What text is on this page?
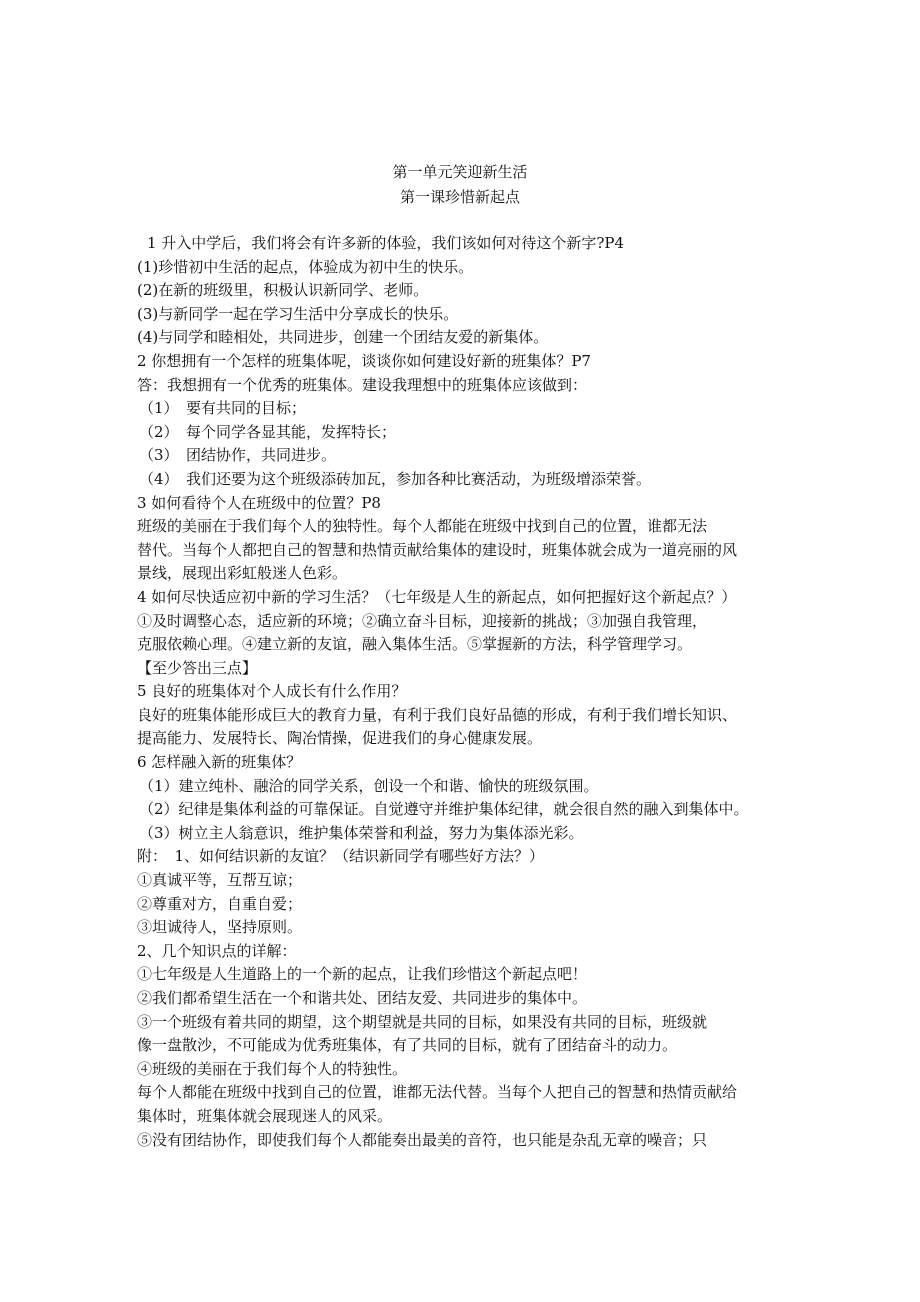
第一单元笑迎新生活
第一课珍惜新起点
1 升入中学后，我们将会有许多新的体验，我们该如何对待这个新字?P4
(1)珍惜初中生活的起点，体验成为初中生的快乐。
(2)在新的班级里，积极认识新同学、老师。
(3)与新同学一起在学习生活中分享成长的快乐。
(4)与同学和睦相处，共同进步，创建一个团结友爱的新集体。
2 你想拥有一个怎样的班集体呢，谈谈你如何建设好新的班集体？P7
答：我想拥有一个优秀的班集体。建设我理想中的班集体应该做到：
（1）　要有共同的目标；
（2）　每个同学各显其能，发挥特长；
（3）　团结协作，共同进步。
（4）　我们还要为这个班级添砖加瓦，参加各种比赛活动，为班级增添荣誉。
3 如何看待个人在班级中的位置？P8
班级的美丽在于我们每个人的独特性。每个人都能在班级中找到自己的位置，谁都无法
替代。当每个人都把自己的智慧和热情贡献给集体的建设时，班集体就会成为一道亮丽的风
景线，展现出彩虹般迷人色彩。
4 如何尽快适应初中新的学习生活？（七年级是人生的新起点，如何把握好这个新起点？）
①及时调整心态，适应新的环境；②确立奋斗目标，迎接新的挑战；③加强自我管理，
克服依赖心理。④建立新的友谊，融入集体生活。⑤掌握新的方法，科学管理学习。
【至少答出三点】
5 良好的班集体对个人成长有什么作用？
良好的班集体能形成巨大的教育力量，有利于我们良好品德的形成，有利于我们增长知识、
提高能力、发展特长、陶冶情操，促进我们的身心健康发展。
6 怎样融入新的班集体？
（1）建立纯朴、融洽的同学关系，创设一个和谐、愉快的班级氛围。
（2）纪律是集体利益的可靠保证。自觉遵守并维护集体纪律，就会很自然的融入到集体中。
（3）树立主人翁意识，维护集体荣誉和利益，努力为集体添光彩。
附：　1、如何结识新的友谊？（结识新同学有哪些好方法？）
①真诚平等，互帮互谅；
②尊重对方，自重自爱；
③坦诚待人，坚持原则。
2、几个知识点的详解：
①七年级是人生道路上的一个新的起点，让我们珍惜这个新起点吧！
②我们都希望生活在一个和谐共处、团结友爱、共同进步的集体中。
③一个班级有着共同的期望，这个期望就是共同的目标，如果没有共同的目标，班级就
像一盘散沙，不可能成为优秀班集体，有了共同的目标，就有了团结奋斗的动力。
④班级的美丽在于我们每个人的特独性。
每个人都能在班级中找到自己的位置，谁都无法代替。当每个人把自己的智慧和热情贡献给
集体时，班集体就会展现迷人的风采。
⑤没有团结协作，即使我们每个人都能奏出最美的音符，也只能是杂乱无章的噪音；只
